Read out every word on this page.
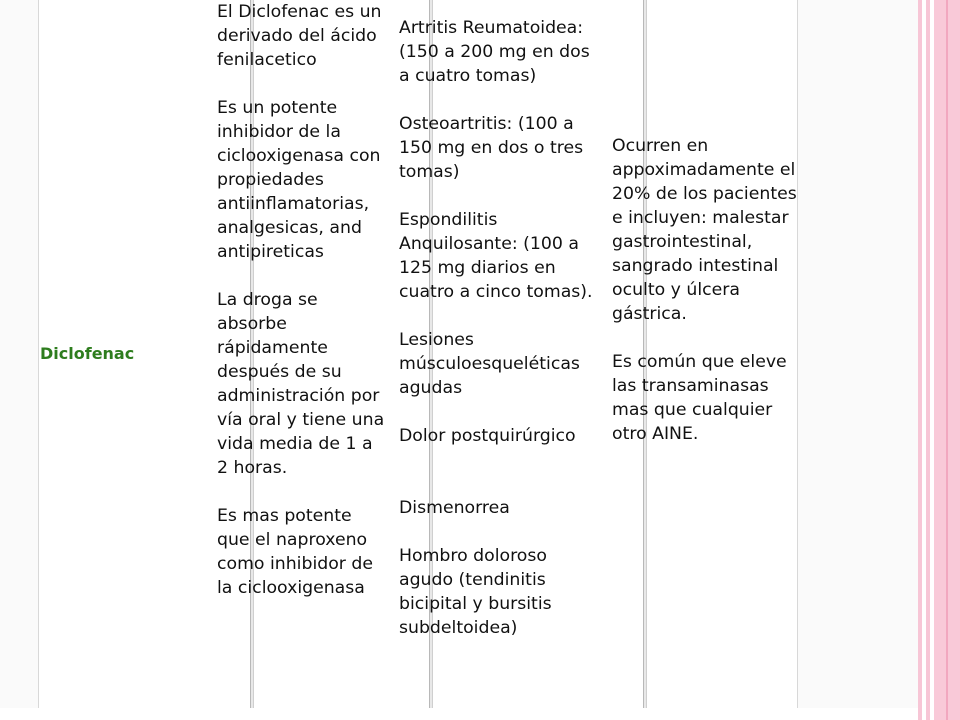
Diclofenac

El Diclofenac es un derivado del ácido fenilacetico

Es un potente inhibidor de la ciclooxigenasa con propiedades antiinflamatorias, analgesicas, and antipireticas

La droga se absorbe rápidamente después de su administración por vía oral y tiene una vida media de 1 a 2 horas.

Es mas potente que el naproxeno como inhibidor de la ciclooxigenasa

Artritis Reumatoidea: (150 a 200 mg en dos a cuatro tomas)

Osteoartritis: (100 a 150 mg en dos o tres tomas)

Espondilitis Anquilosante: (100 a 125 mg diarios en cuatro a cinco tomas).

Lesiones músculoesqueléticas agudas

Dolor postquirúrgico

Dismenorrea

Hombro doloroso agudo (tendinitis bicipital y bursitis subdeltoidea)

Ocurren en appoximadamente el 20% de los pacientes e incluyen: malestar gastrointestinal, sangrado intestinal oculto y úlcera gástrica.

Es común que eleve las transaminasas mas que cualquier otro AINE.
